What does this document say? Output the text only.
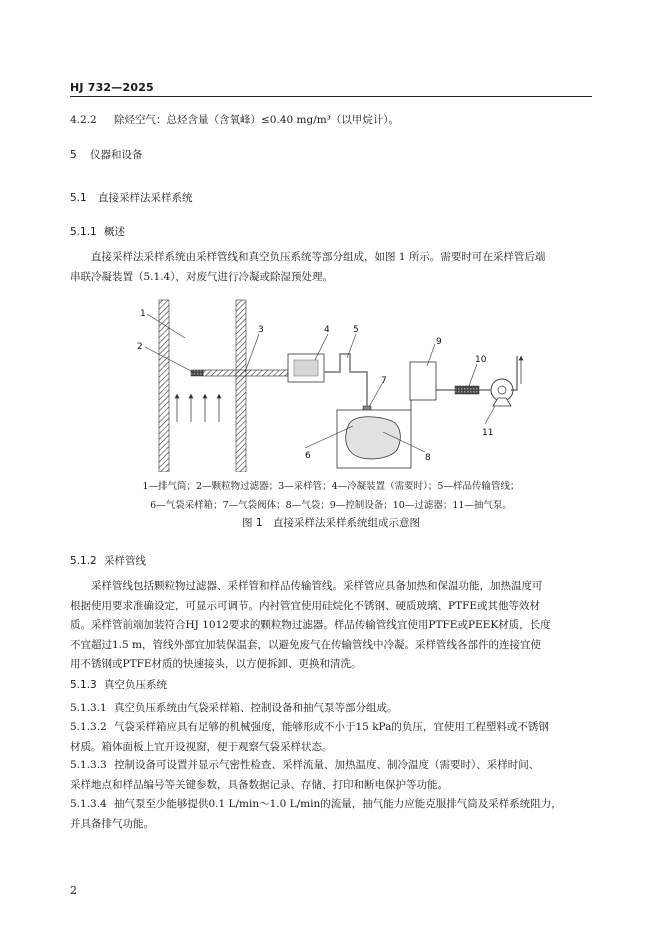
HJ 732—2025
4.2.2 除烃空气：总烃含量（含氧峰）≤0.40 mg/m³（以甲烷计）。
5 仪器和设备
5.1 直接采样法采样系统
5.1.1 概述
直接采样法采样系统由采样管线和真空负压系统等部分组成，如图 1 所示。需要时可在采样管后端
串联冷凝装置（5.1.4），对废气进行冷凝或除湿预处理。
1
2
3	4	5
6
7
8
9
10
11
1—排气筒；2—颗粒物过滤器；3—采样管；4—冷凝装置（需要时）；5—样品传输管线；
6—气袋采样箱；7—气袋阀体；8—气袋；9—控制设备；10—过滤器；11—抽气泵。
图 1　直接采样法采样系统组成示意图
5.1.2 采样管线
采样管线包括颗粒物过滤器、采样管和样品传输管线。采样管应具备加热和保温功能，加热温度可
根据使用要求准确设定，可显示可调节。内衬管宜使用硅烷化不锈钢、硬质玻璃、PTFE或其他等效材
质。采样管前端加装符合HJ 1012要求的颗粒物过滤器。样品传输管线宜使用PTFE或PEEK材质，长度
不宜超过1.5 m，管线外部宜加装保温套，以避免废气在传输管线中冷凝。采样管线各部件的连接宜使
用不锈钢或PTFE材质的快速接头，以方便拆卸、更换和清洗。
5.1.3 真空负压系统
5.1.3.1 真空负压系统由气袋采样箱、控制设备和抽气泵等部分组成。
5.1.3.2 气袋采样箱应具有足够的机械强度，能够形成不小于15 kPa的负压，宜使用工程塑料或不锈钢
材质。箱体面板上宜开设视窗，便于观察气袋采样状态。
5.1.3.3 控制设备可设置并显示气密性检查、采样流量、加热温度、制冷温度（需要时）、采样时间、
采样地点和样品编号等关键参数，具备数据记录、存储、打印和断电保护等功能。
5.1.3.4 抽气泵至少能够提供0.1 L/min～1.0 L/min的流量，抽气能力应能克服排气筒及采样系统阻力，
并具备排气功能。
2
